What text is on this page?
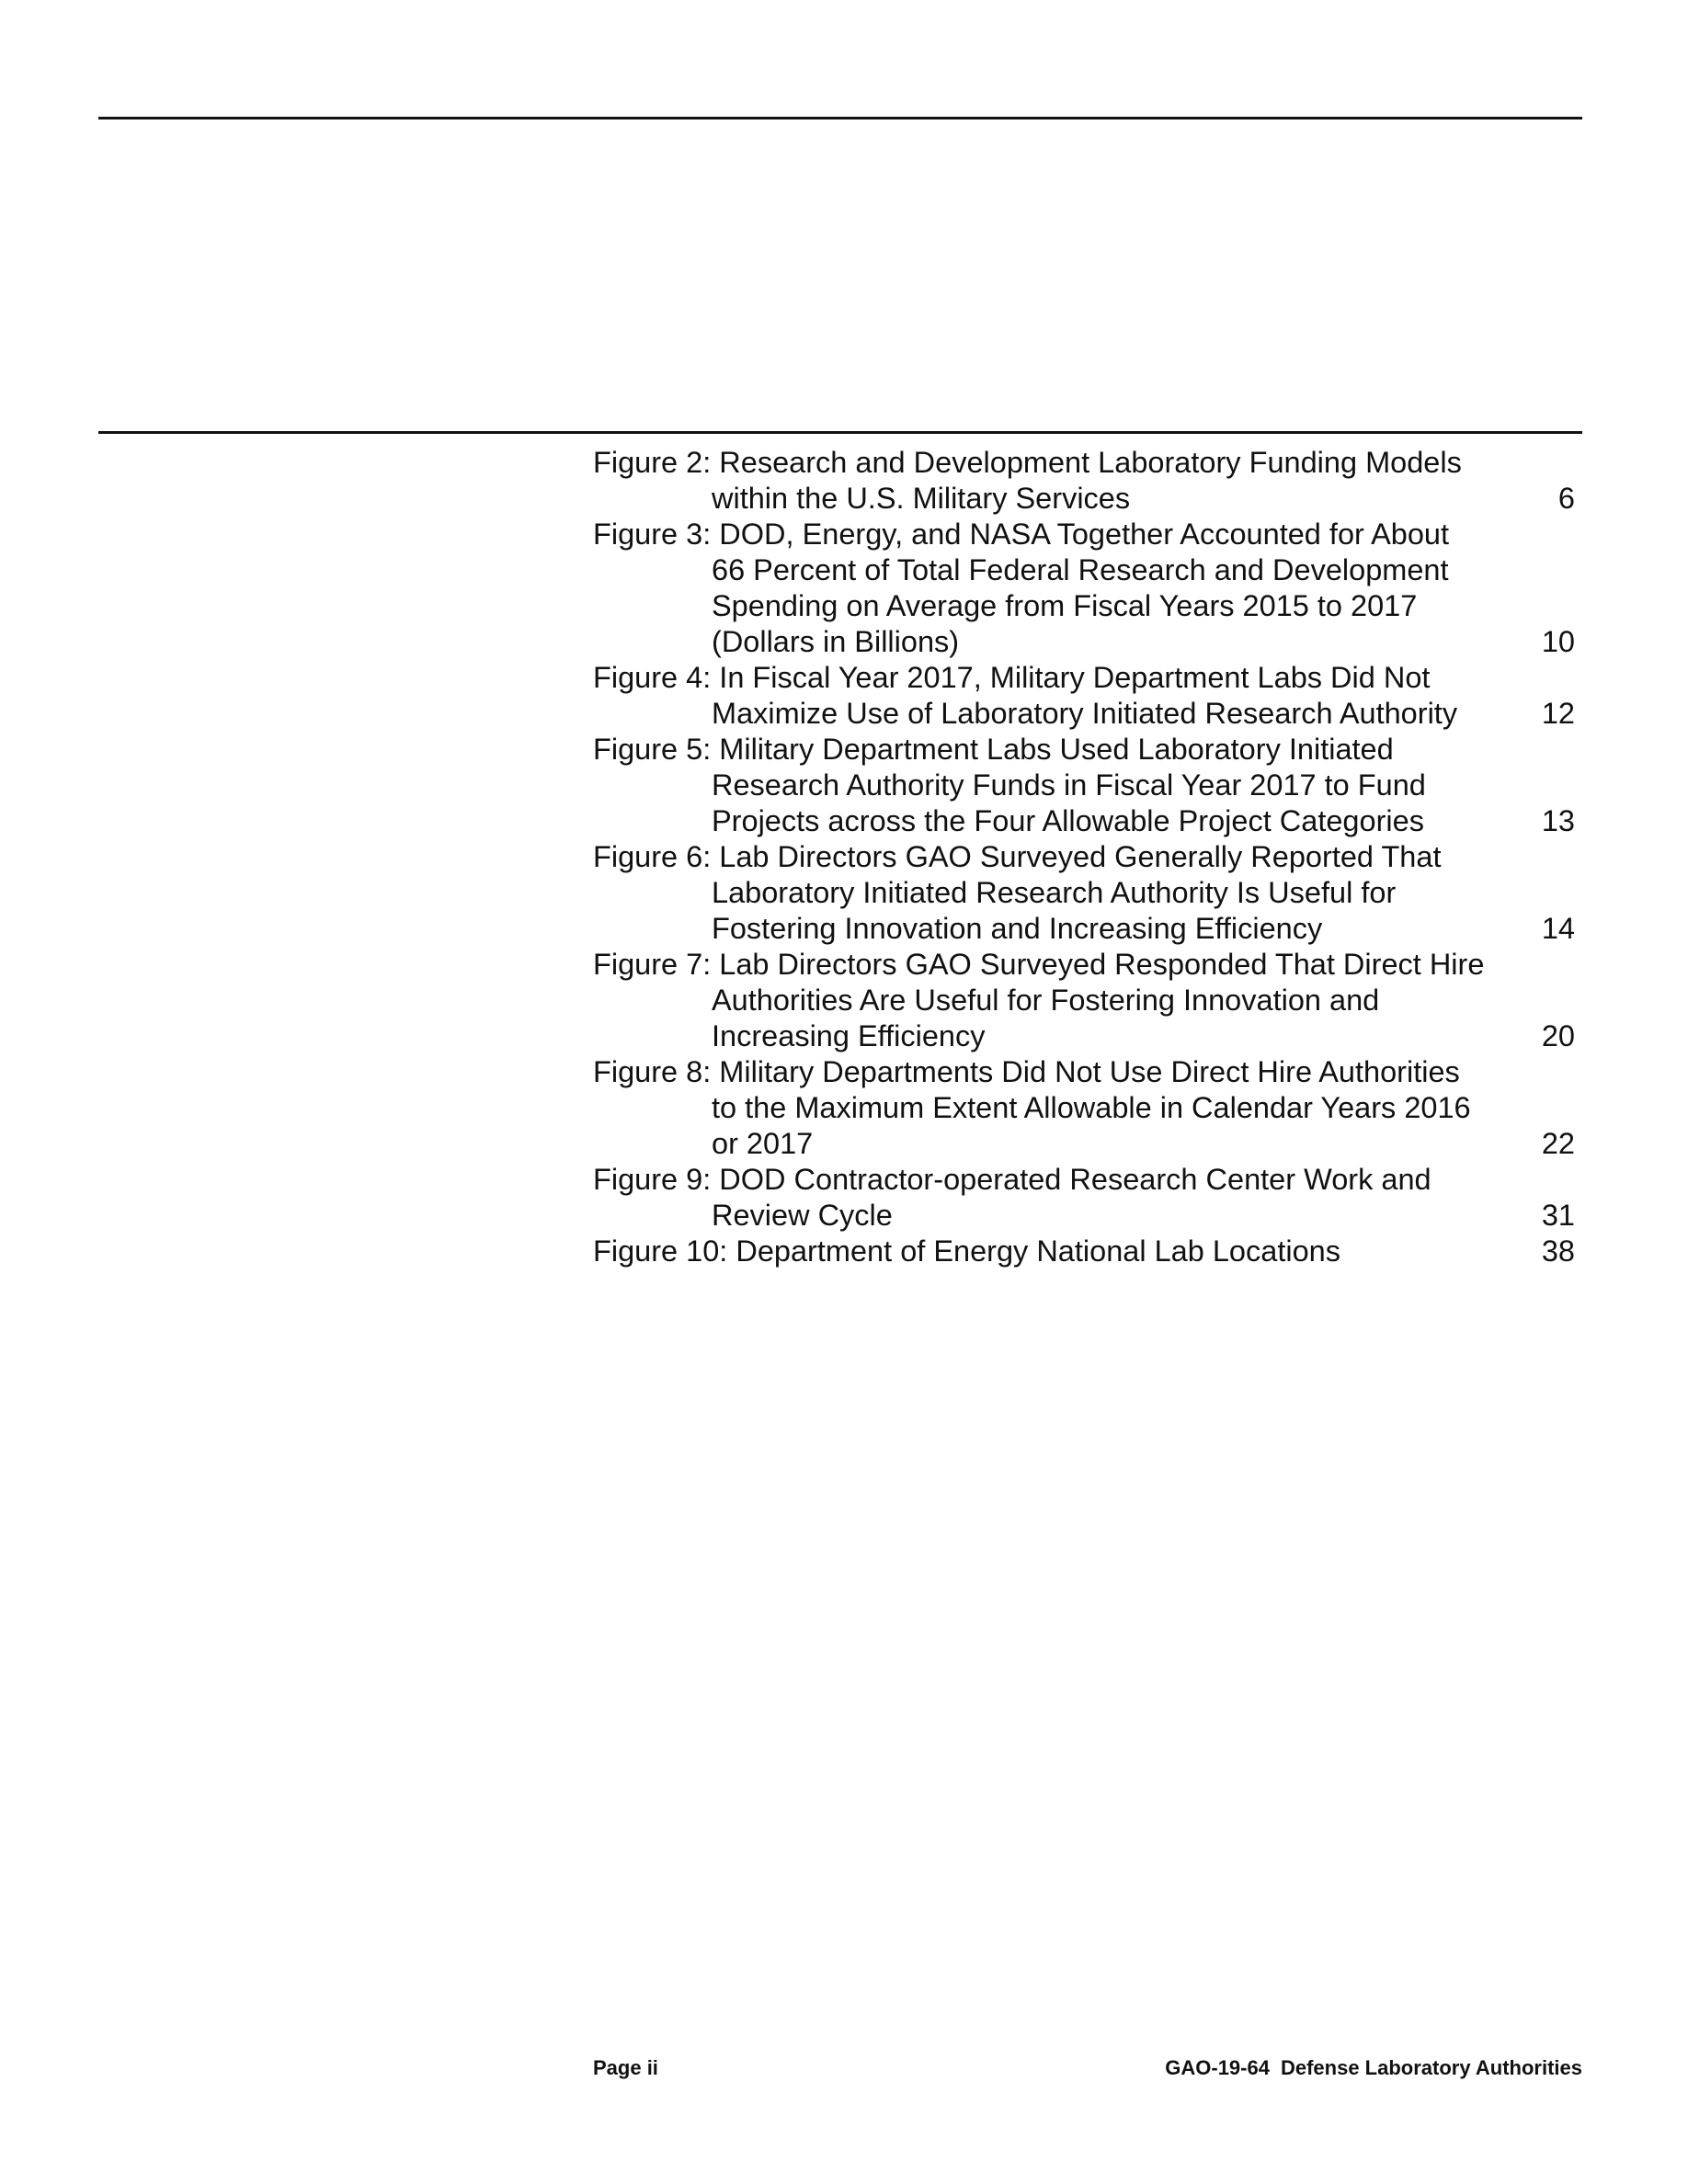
Figure 2: Research and Development Laboratory Funding Models within the U.S. Military Services	6
Figure 3: DOD, Energy, and NASA Together Accounted for About 66 Percent of Total Federal Research and Development Spending on Average from Fiscal Years 2015 to 2017 (Dollars in Billions)	10
Figure 4: In Fiscal Year 2017, Military Department Labs Did Not Maximize Use of Laboratory Initiated Research Authority	12
Figure 5: Military Department Labs Used Laboratory Initiated Research Authority Funds in Fiscal Year 2017 to Fund Projects across the Four Allowable Project Categories	13
Figure 6: Lab Directors GAO Surveyed Generally Reported That Laboratory Initiated Research Authority Is Useful for Fostering Innovation and Increasing Efficiency	14
Figure 7: Lab Directors GAO Surveyed Responded That Direct Hire Authorities Are Useful for Fostering Innovation and Increasing Efficiency	20
Figure 8: Military Departments Did Not Use Direct Hire Authorities to the Maximum Extent Allowable in Calendar Years 2016 or 2017	22
Figure 9: DOD Contractor-operated Research Center Work and Review Cycle	31
Figure 10: Department of Energy National Lab Locations	38
Page ii	GAO-19-64 Defense Laboratory Authorities
